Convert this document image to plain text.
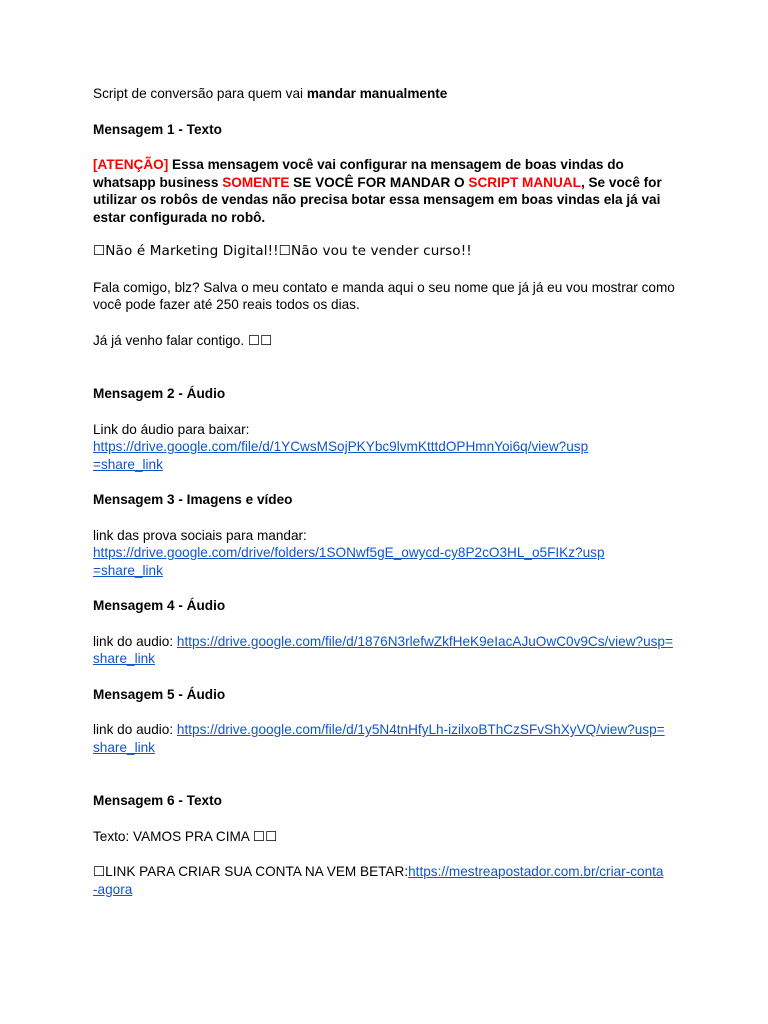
Script de conversão para quem vai mandar manualmente

Mensagem 1 - Texto

[ATENÇÃO] Essa mensagem você vai configurar na mensagem de boas vindas do whatsapp business SOMENTE SE VOCÊ FOR MANDAR O SCRIPT MANUAL, Se você for utilizar os robôs de vendas não precisa botar essa mensagem em boas vindas ela já vai estar configurada no robô.

☐Não é Marketing Digital!!☐Não vou te vender curso!!

Fala comigo, blz? Salva o meu contato e manda aqui o seu nome que já já eu vou mostrar como você pode fazer até 250 reais todos os dias.

Já já venho falar contigo. ☐☐

Mensagem 2 - Áudio

Link do áudio para baixar:

https://drive.google.com/file/d/1YCwsMSojPKYbc9lvmKtttdOPHmnYoi6q/view?usp=share_link

Mensagem 3 - Imagens e vídeo

link das prova sociais para mandar:

https://drive.google.com/drive/folders/1SONwf5gE_owycd-cy8P2cO3HL_o5FIKz?usp=share_link

Mensagem 4 - Áudio

link do audio: https://drive.google.com/file/d/1876N3rlefwZkfHeK9eIacAJuOwC0v9Cs/view?usp=share_link

Mensagem 5 - Áudio

link do audio: https://drive.google.com/file/d/1y5N4tnHfyLh-izilxoBThCzSFvShXyVQ/view?usp=share_link

Mensagem 6 - Texto

Texto: VAMOS PRA CIMA ☐☐

☐LINK PARA CRIAR SUA CONTA NA VEM BETAR:https://mestreapostador.com.br/criar-conta-agora
